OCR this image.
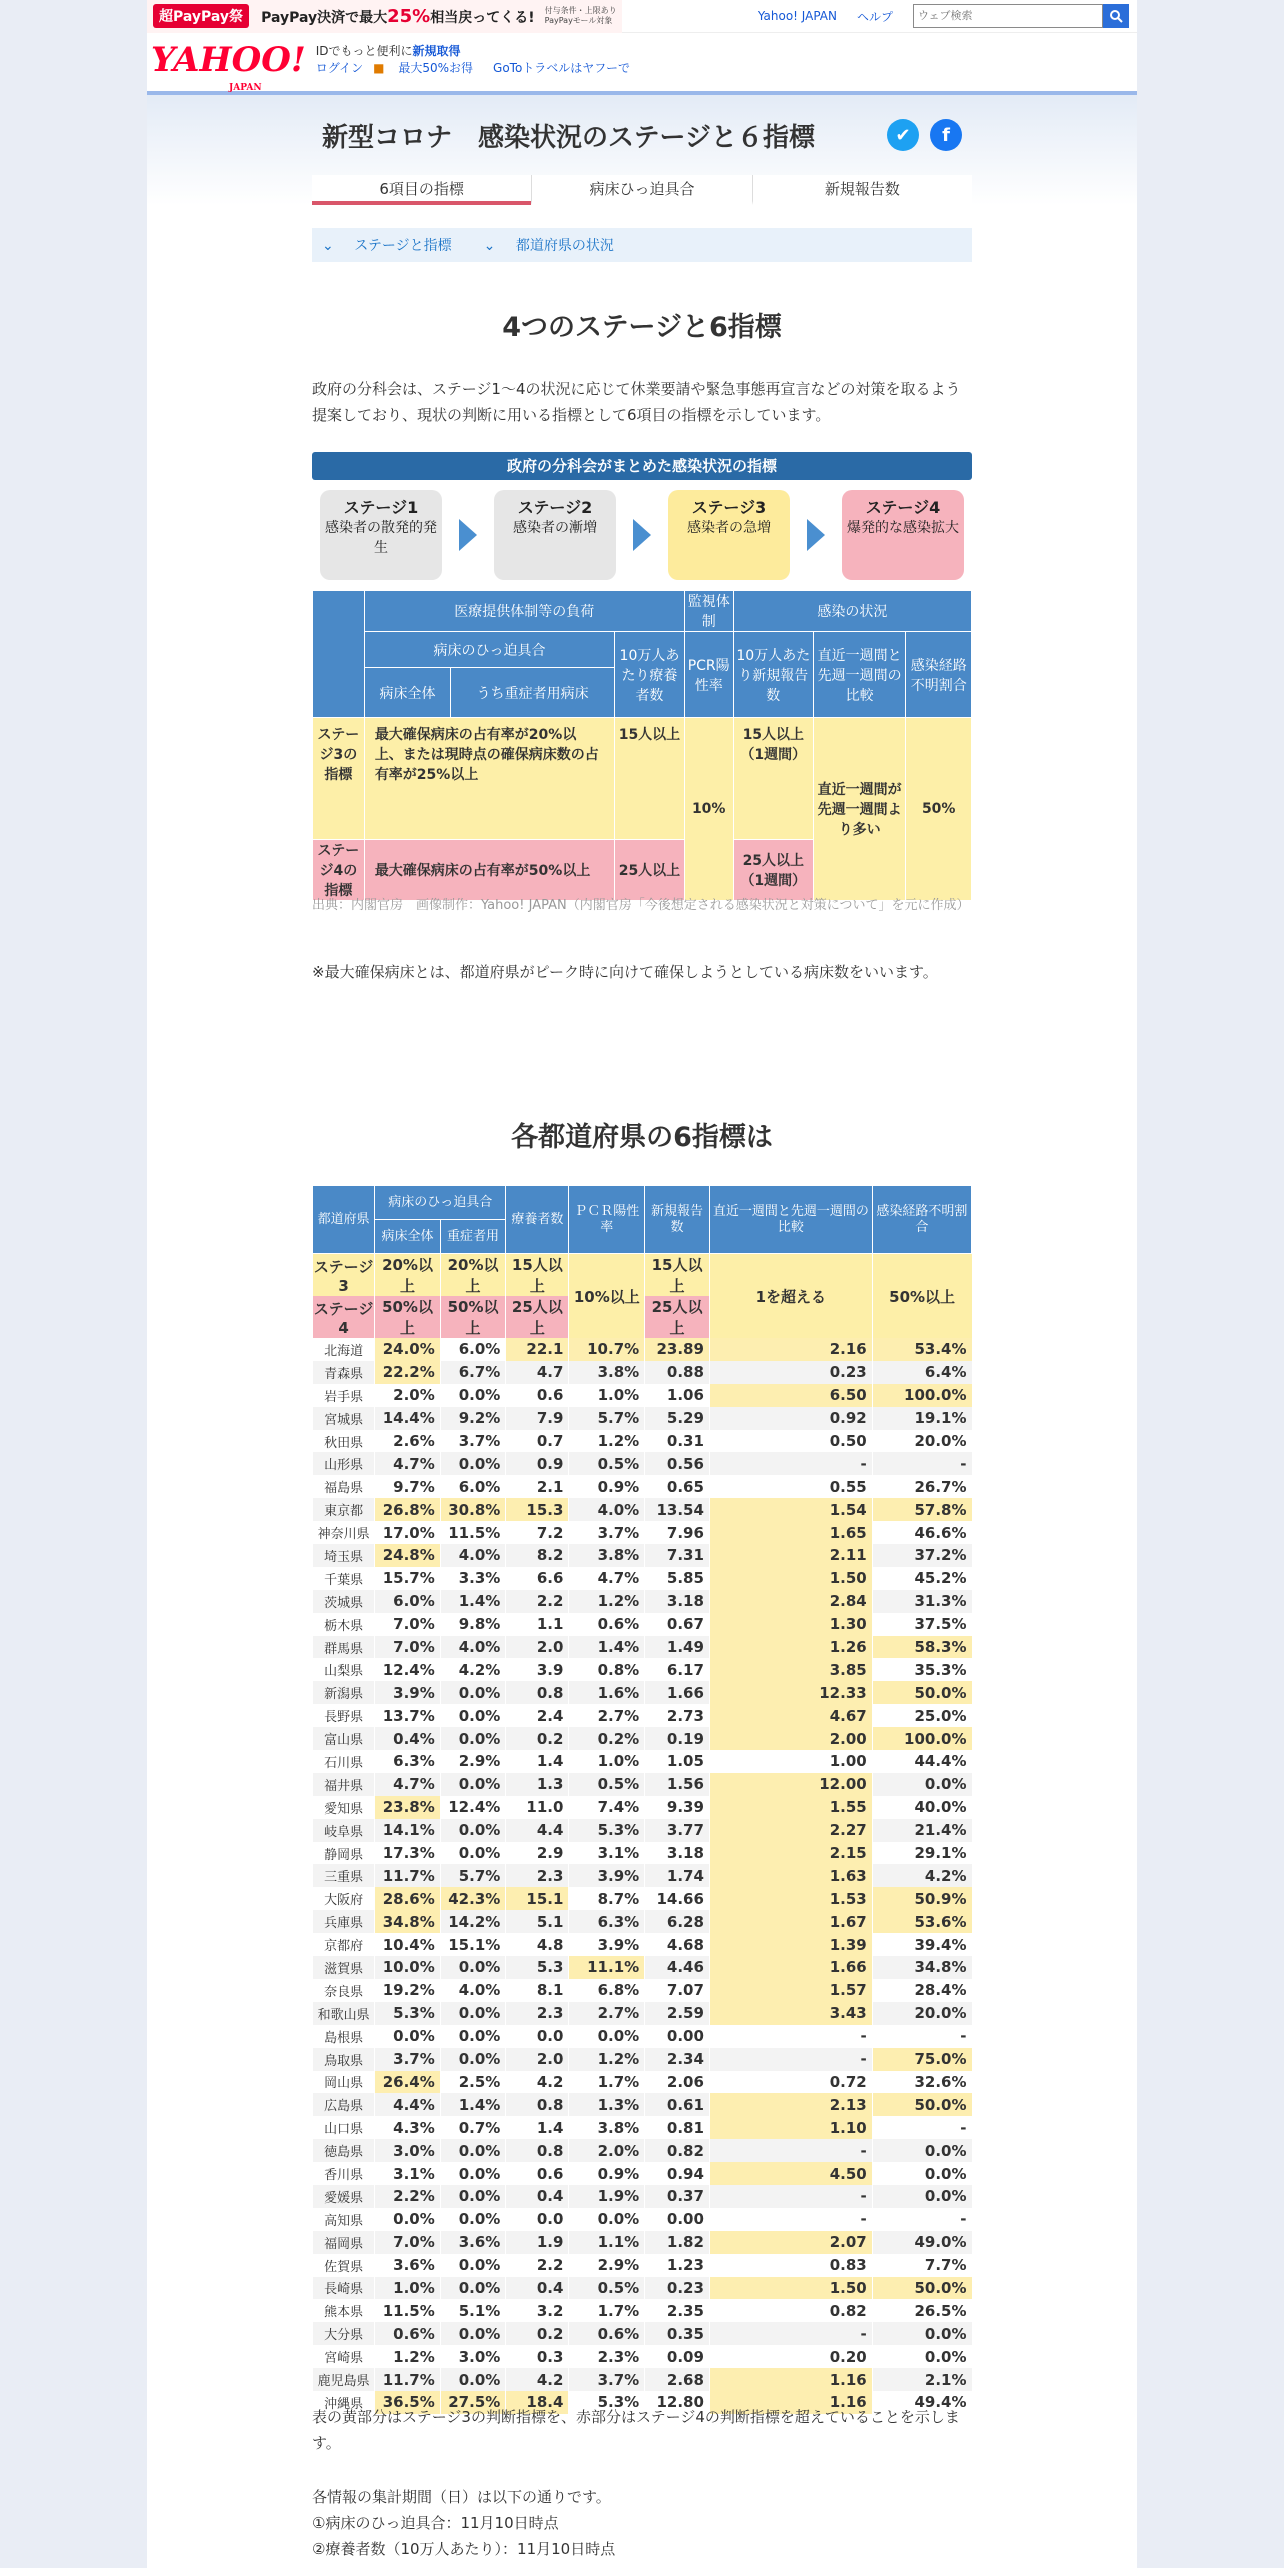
超PayPay祭	PayPay決済で最大25%相当戻ってくる! 付与条件・上限あり
PayPayモール対象	Yahoo! JAPAN ヘルプ
ウェブ検索
YAHOO!
JAPAN
IDでもっと便利に新規取得
ログイン ■ 最大50%お得 GoToトラベルはヤフーで
新型コロナ　感染状況のステージと６指標	✔ f
6項目の指標	病床ひっ迫具合	新規報告数
⌄ ステージと指標	⌄ 都道府県の状況
4つのステージと6指標
政府の分科会は、ステージ1～4の状況に応じて休業要請や緊急事態再宣言などの対策を取るよう提案しており、現状の判断に用いる指標として6項目の指標を示しています。
政府の分科会がまとめた感染状況の指標
ステージ1
感染者の散発的発生
ステージ2
感染者の漸増
ステージ3
感染者の急増
ステージ4
爆発的な感染拡大
	医療提供体制等の負荷			監視体制	感染の状況		
	病床のひっ迫具合		10万人あたり療養者数	PCR陽性率	10万人あたり新規報告数	直近一週間と先週一週間の比較	感染経路不明割合
	病床全体	うち重症者用病床					
ステージ3の指標	最大確保病床の占有率が20%以上、または現時点の確保病床数の占有率が25%以上		15人以上	10%	15人以上（1週間）	直近一週間が先週一週間より多い	50%
ステージ4の指標	最大確保病床の占有率が50%以上		25人以上		25人以上（1週間）		
出典：内閣官房　画像制作：Yahoo! JAPAN（内閣官房「今後想定される感染状況と対策について」を元に作成）
※最大確保病床とは、都道府県がピーク時に向けて確保しようとしている病床数をいいます。
各都道府県の6指標は
都道府県	病床のひっ迫具合		療養者数	ＰＣＲ陽性率	新規報告数	直近一週間と先週一週間の比較	感染経路不明割合
	病床全体	重症者用					
ステージ3	20%以上	20%以上	15人以上	10%以上	15人以上	1を超える	50%以上
ステージ4	50%以上	50%以上	25人以上		25人以上		
北海道	24.0%	6.0%	22.1	10.7%	23.89	2.16	53.4%
青森県	22.2%	6.7%	4.7	3.8%	0.88	0.23	6.4%
岩手県	2.0%	0.0%	0.6	1.0%	1.06	6.50	100.0%
宮城県	14.4%	9.2%	7.9	5.7%	5.29	0.92	19.1%
秋田県	2.6%	3.7%	0.7	1.2%	0.31	0.50	20.0%
山形県	4.7%	0.0%	0.9	0.5%	0.56	-	-
福島県	9.7%	6.0%	2.1	0.9%	0.65	0.55	26.7%
東京都	26.8%	30.8%	15.3	4.0%	13.54	1.54	57.8%
神奈川県	17.0%	11.5%	7.2	3.7%	7.96	1.65	46.6%
埼玉県	24.8%	4.0%	8.2	3.8%	7.31	2.11	37.2%
千葉県	15.7%	3.3%	6.6	4.7%	5.85	1.50	45.2%
茨城県	6.0%	1.4%	2.2	1.2%	3.18	2.84	31.3%
栃木県	7.0%	9.8%	1.1	0.6%	0.67	1.30	37.5%
群馬県	7.0%	4.0%	2.0	1.4%	1.49	1.26	58.3%
山梨県	12.4%	4.2%	3.9	0.8%	6.17	3.85	35.3%
新潟県	3.9%	0.0%	0.8	1.6%	1.66	12.33	50.0%
長野県	13.7%	0.0%	2.4	2.7%	2.73	4.67	25.0%
富山県	0.4%	0.0%	0.2	0.2%	0.19	2.00	100.0%
石川県	6.3%	2.9%	1.4	1.0%	1.05	1.00	44.4%
福井県	4.7%	0.0%	1.3	0.5%	1.56	12.00	0.0%
愛知県	23.8%	12.4%	11.0	7.4%	9.39	1.55	40.0%
岐阜県	14.1%	0.0%	4.4	5.3%	3.77	2.27	21.4%
静岡県	17.3%	0.0%	2.9	3.1%	3.18	2.15	29.1%
三重県	11.7%	5.7%	2.3	3.9%	1.74	1.63	4.2%
大阪府	28.6%	42.3%	15.1	8.7%	14.66	1.53	50.9%
兵庫県	34.8%	14.2%	5.1	6.3%	6.28	1.67	53.6%
京都府	10.4%	15.1%	4.8	3.9%	4.68	1.39	39.4%
滋賀県	10.0%	0.0%	5.3	11.1%	4.46	1.66	34.8%
奈良県	19.2%	4.0%	8.1	6.8%	7.07	1.57	28.4%
和歌山県	5.3%	0.0%	2.3	2.7%	2.59	3.43	20.0%
島根県	0.0%	0.0%	0.0	0.0%	0.00	-	-
鳥取県	3.7%	0.0%	2.0	1.2%	2.34	-	75.0%
岡山県	26.4%	2.5%	4.2	1.7%	2.06	0.72	32.6%
広島県	4.4%	1.4%	0.8	1.3%	0.61	2.13	50.0%
山口県	4.3%	0.7%	1.4	3.8%	0.81	1.10	-
徳島県	3.0%	0.0%	0.8	2.0%	0.82	-	0.0%
香川県	3.1%	0.0%	0.6	0.9%	0.94	4.50	0.0%
愛媛県	2.2%	0.0%	0.4	1.9%	0.37	-	0.0%
高知県	0.0%	0.0%	0.0	0.0%	0.00	-	-
福岡県	7.0%	3.6%	1.9	1.1%	1.82	2.07	49.0%
佐賀県	3.6%	0.0%	2.2	2.9%	1.23	0.83	7.7%
長崎県	1.0%	0.0%	0.4	0.5%	0.23	1.50	50.0%
熊本県	11.5%	5.1%	3.2	1.7%	2.35	0.82	26.5%
大分県	0.6%	0.0%	0.2	0.6%	0.35	-	0.0%
宮崎県	1.2%	3.0%	0.3	2.3%	0.09	0.20	0.0%
鹿児島県	11.7%	0.0%	4.2	3.7%	2.68	1.16	2.1%
沖縄県	36.5%	27.5%	18.4	5.3%	12.80	1.16	49.4%
表の黄部分はステージ3の判断指標を、赤部分はステージ4の判断指標を超えていることを示します。
各情報の集計期間（日）は以下の通りです。
①病床のひっ迫具合：11月10日時点
②療養者数（10万人あたり）：11月10日時点
